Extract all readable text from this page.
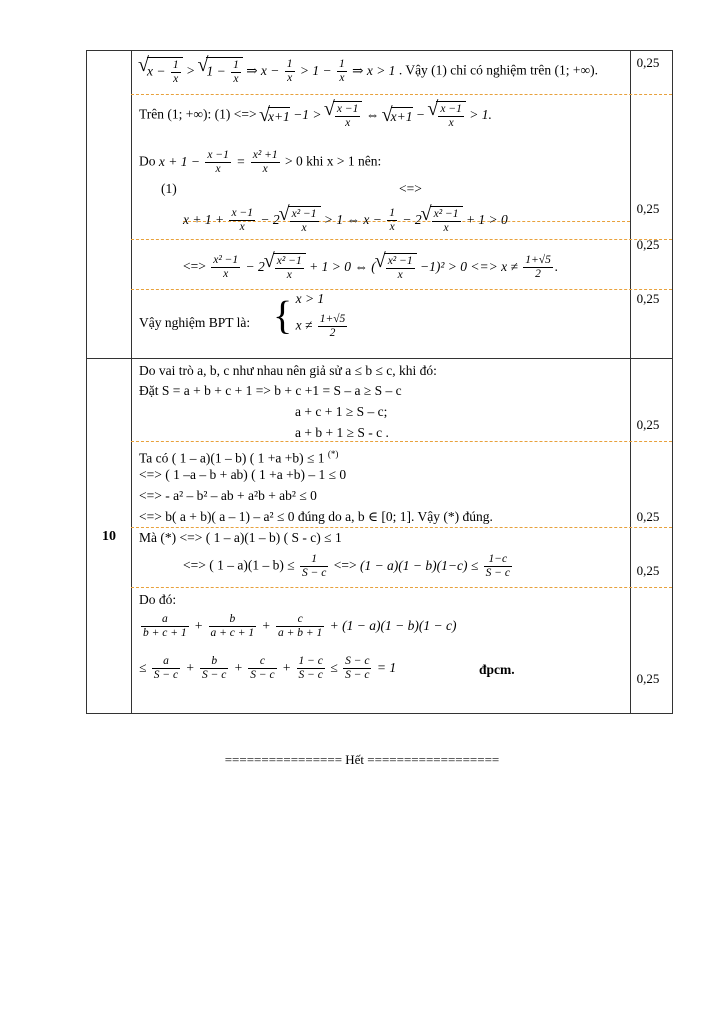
0,25
0,25
0,25
0,25
0,25
0,25
0,25
0,25
10
√ $x - \frac{1}{x}$ > √ $1 - \frac{1}{x}$ ⇒ $x - \frac{1}{x} > 1 - \frac{1}{x}$ ⇒ x > 1 . Vậy (1) chỉ có nghiệm trên (1; +∞).
Trên (1; +∞): (1) <=> √ x+1 −1 > √ $\frac{x -1}{x}$ ⇔ √ x+1 − √ $\frac{x -1}{x} > 1$.
Do $x + 1 - \frac{x -1}{x} = \frac{\text{x² +1}}{x} > 0$ khi x > 1 nên:
(1)	<=>
$x + 1 + \frac{x -1}{x} - 2$ √ $\frac{\text{x² −1}}{x} > 1$ ⇔ $x - \frac{1}{x} - 2$ √ $\frac{\text{x² −1}}{x} + 1 > 0$
<=> $\frac{\text{x² −1}}{x} - 2$ √ $\frac{\text{x² −1}}{x} + 1 > 0$ ⇔ ( √ $\frac{\text{x² −1}}{x} -1)^2 > 0$ <=> $x \ne \frac{1+√5}{2}$ .
Vậy nghiệm BPT là: { x > 1
$x \ne \frac{1+√5}{2}$
Do vai trò a, b, c như nhau nên giả sử a ≤ b ≤ c, khi đó:
Đặt S = a + b + c + 1 => b + c +1 = S – a ≥ S – c
a + c + 1 ≥ S – c;
a + b + 1 ≥ S - c .
Ta có ( 1 – a)(1 – b) ( 1 +a +b) ≤ 1 (*)
<=> ( 1 –a – b + ab) ( 1 +a +b) – 1 ≤ 0
<=> - a² – b² – ab + a²b + ab² ≤ 0
<=> b( a + b)( a – 1) – a² ≤ 0 đúng do a, b ∈ [0; 1]. Vậy (*) đúng.
Mà (*) <=> ( 1 – a)(1 – b) ( S - c) ≤ 1
<=> ( $1 - a)(1 - b) \le \frac{1}{S - c}$ <=> $(1 - a)(1 - b)(1-c) \le \frac{1-c}{S - c}$
Do đó:
$\frac{a}{b + c + 1} + \frac{b}{a + c + 1} + \frac{c}{a + b + 1} + (1 - a)(1 - b)(1 - c)$
≤ $\frac{a}{S - c} + \frac{b}{S - c} + \frac{c}{S - c} + \frac{1 - c}{S - c} \le \frac{S - c}{S - c} = 1$	đpcm.
================ Hết ==================
